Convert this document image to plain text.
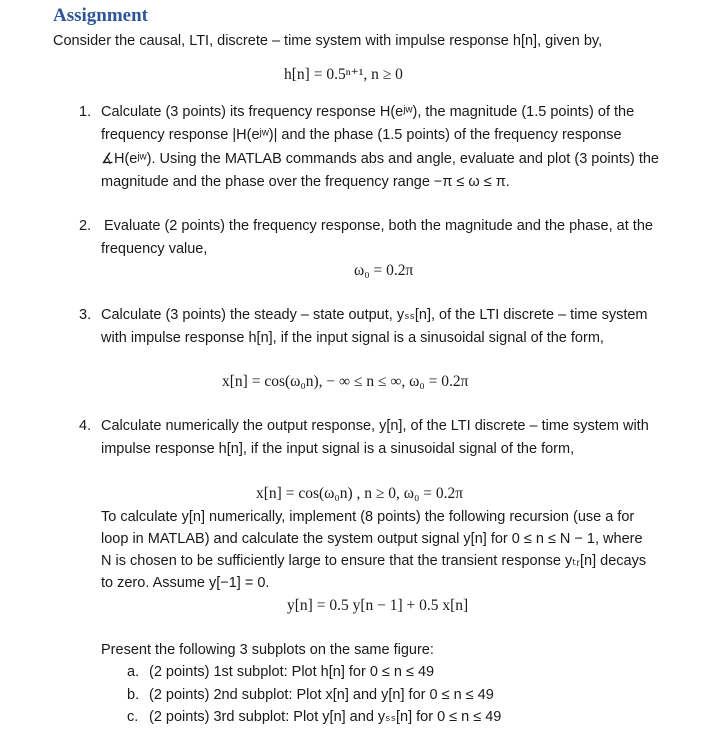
Assignment
Consider the causal, LTI, discrete – time system with impulse response h[n], given by,
h[n] = 0.5ⁿ⁺¹, n ≥ 0
1. Calculate (3 points) its frequency response H(eʲʷ), the magnitude (1.5 points) of the
frequency response |H(eʲʷ)| and the phase (1.5 points) of the frequency response
∡H(eʲʷ). Using the MATLAB commands abs and angle, evaluate and plot (3 points) the
magnitude and the phase over the frequency range −π ≤ ω ≤ π.
2. Evaluate (2 points) the frequency response, both the magnitude and the phase, at the
frequency value,
ω₀ = 0.2π
3. Calculate (3 points) the steady – state output, yₛₛ[n], of the LTI discrete – time system
with impulse response h[n], if the input signal is a sinusoidal signal of the form,
x[n] = cos(ω₀n), − ∞ ≤ n ≤ ∞, ω₀ = 0.2π
4. Calculate numerically the output response, y[n], of the LTI discrete – time system with
impulse response h[n], if the input signal is a sinusoidal signal of the form,
x[n] = cos(ω₀n) , n ≥ 0, ω₀ = 0.2π
To calculate y[n] numerically, implement (8 points) the following recursion (use a for
loop in MATLAB) and calculate the system output signal y[n] for 0 ≤ n ≤ N − 1, where
N is chosen to be sufficiently large to ensure that the transient response yₜᵣ[n] decays
to zero. Assume y[−1] = 0.
y[n] = 0.5 y[n − 1] + 0.5 x[n]
Present the following 3 subplots on the same figure:
a. (2 points) 1st subplot: Plot h[n] for 0 ≤ n ≤ 49
b. (2 points) 2nd subplot: Plot x[n] and y[n] for 0 ≤ n ≤ 49
c. (2 points) 3rd subplot: Plot y[n] and yₛₛ[n] for 0 ≤ n ≤ 49
